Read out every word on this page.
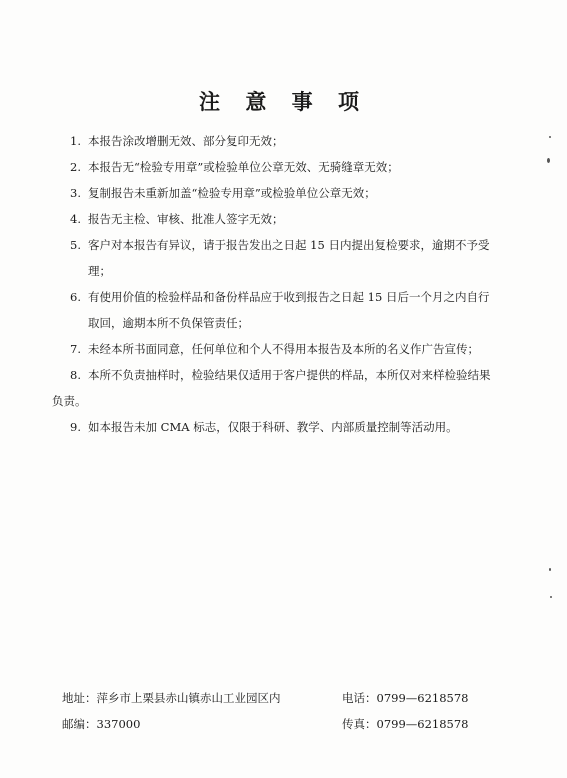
注 意 事 项
1. 本报告涂改增删无效、部分复印无效；
2. 本报告无“检验专用章”或检验单位公章无效、无骑缝章无效；
3. 复制报告未重新加盖“检验专用章”或检验单位公章无效；
4. 报告无主检、审核、批准人签字无效；
5. 客户对本报告有异议，请于报告发出之日起 15 日内提出复检要求，逾期不予受
理；
6. 有使用价值的检验样品和备份样品应于收到报告之日起 15 日后一个月之内自行
取回，逾期本所不负保管责任；
7. 未经本所书面同意，任何单位和个人不得用本报告及本所的名义作广告宣传；
8. 本所不负责抽样时，检验结果仅适用于客户提供的样品，本所仅对来样检验结果
负责。
9. 如本报告未加 CMA 标志，仅限于科研、教学、内部质量控制等活动用。
地址：萍乡市上栗县赤山镇赤山工业园区内
邮编：337000
电话：0799—6218578
传真：0799—6218578
